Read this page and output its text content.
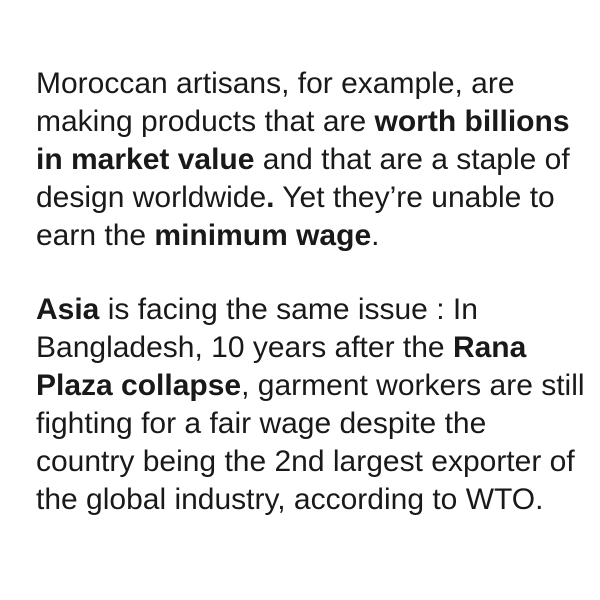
Moroccan artisans, for example, are
making products that are worth billions
in market value and that are a staple of
design worldwide. Yet they’re unable to
earn the minimum wage.

Asia is facing the same issue : In
Bangladesh, 10 years after the Rana
Plaza collapse, garment workers are still
fighting for a fair wage despite the
country being the 2nd largest exporter of
the global industry, according to WTO.
